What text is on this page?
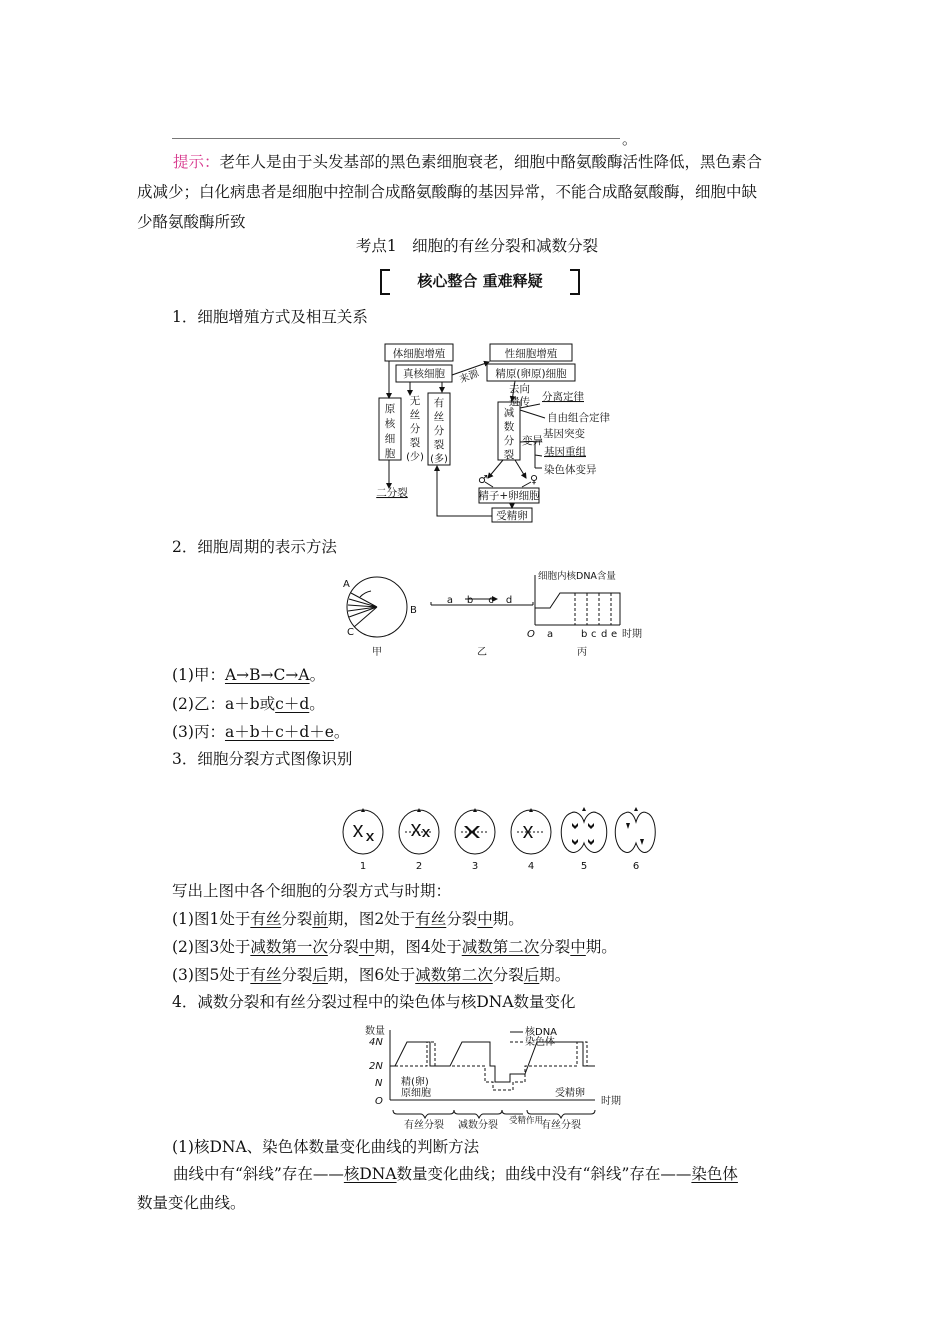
。
提示：老年人是由于头发基部的黑色素细胞衰老，细胞中酪氨酸酶活性降低，黑色素合
成减少；白化病患者是细胞中控制合成酪氨酸酶的基因异常，不能合成酪氨酸酶，细胞中缺
少酪氨酸酶所致
考点1　细胞的有丝分裂和减数分裂
核心整合 重难释疑
1．细胞增殖方式及相互关系
体细胞增殖
真核细胞
原
核
细
胞
无
丝
分
裂
(少)
有
丝
分
裂
(多)
二分裂
性细胞增殖
精原(卵原)细胞
来源
去向
遗传
变异
减
数
分
裂
分离定律
自由组合定律
基因突变
基因重组
染色体变异
♂	♀
精子+卵细胞
受精卵
2．细胞周期的表示方法
A
B
C
甲
a b c d
乙
细胞内核DNA含量
O a	b c d e 时期
丙
(1)甲：A→B→C→A。
(2)乙：a＋b或c＋d。
(3)丙：a＋b＋c＋d＋e。
3．细胞分裂方式图像识别
1	2	3	4	5	6
写出上图中各个细胞的分裂方式与时期：
(1)图1处于有丝分裂前期，图2处于有丝分裂中期。
(2)图3处于减数第一次分裂中期，图4处于减数第二次分裂中期。
(3)图5处于有丝分裂后期，图6处于减数第二次分裂后期。
4．减数分裂和有丝分裂过程中的染色体与核DNA数量变化
数量
4N
2N
N
O
核DNA
染色体
精(卵)
原细胞	受精卵
有丝分裂 减数分裂 受精作用
有丝分裂
时期
(1)核DNA、染色体数量变化曲线的判断方法
曲线中有“斜线”存在——核DNA数量变化曲线；曲线中没有“斜线”存在——染色体
数量变化曲线。
